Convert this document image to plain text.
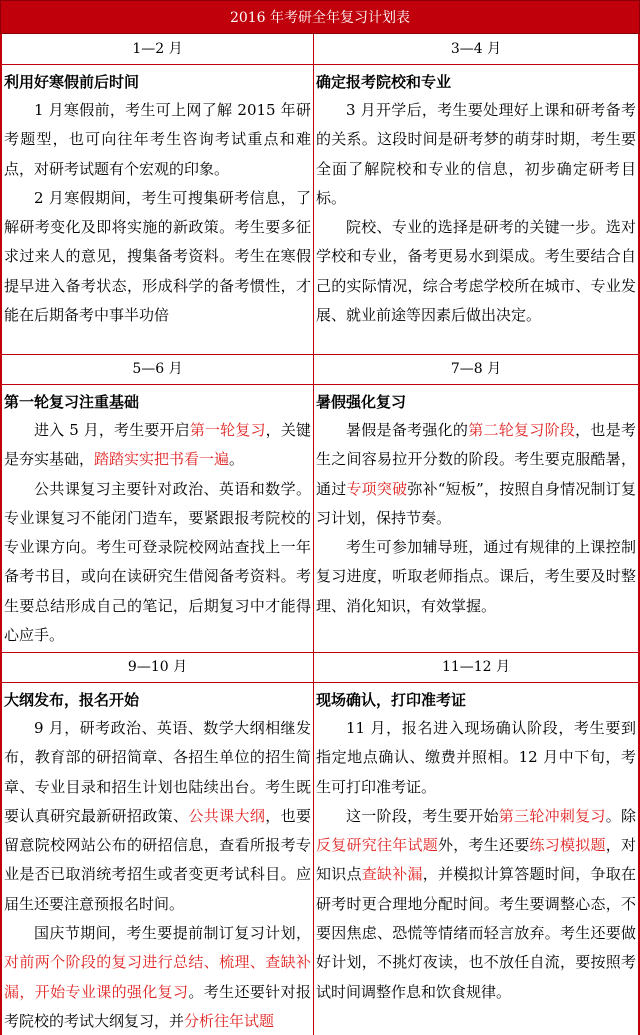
2016 年考研全年复习计划表
1—2 月
利用好寒假前后时间

1 月寒假前，考生可上网了解 2015 年研考题型，也可向往年考生咨询考试重点和难点，对研考试题有个宏观的印象。

2 月寒假期间，考生可搜集研考信息，了解研考变化及即将实施的新政策。考生要多征求过来人的意见，搜集备考资料。考生在寒假提早进入备考状态，形成科学的备考惯性，才能在后期备考中事半功倍

3—4 月
确定报考院校和专业

3 月开学后，考生要处理好上课和研考备考的关系。这段时间是研考梦的萌芽时期，考生要全面了解院校和专业的信息，初步确定研考目标。

院校、专业的选择是研考的关键一步。选对学校和专业，备考更易水到渠成。考生要结合自己的实际情况，综合考虑学校所在城市、专业发展、就业前途等因素后做出决定。

5—6 月
第一轮复习注重基础

进入 5 月，考生要开启第一轮复习，关键是夯实基础，踏踏实实把书看一遍。

公共课复习主要针对政治、英语和数学。专业课复习不能闭门造车，要紧跟报考院校的专业课方向。考生可登录院校网站查找上一年备考书目，或向在读研究生借阅备考资料。考生要总结形成自己的笔记，后期复习中才能得心应手。

7—8 月
暑假强化复习

暑假是备考强化的第二轮复习阶段，也是考生之间容易拉开分数的阶段。考生要克服酷暑，通过专项突破弥补“短板”，按照自身情况制订复习计划，保持节奏。

考生可参加辅导班，通过有规律的上课控制复习进度，听取老师指点。课后，考生要及时整理、消化知识，有效掌握。

9—10 月
大纲发布，报名开始

9 月，研考政治、英语、数学大纲相继发布，教育部的研招简章、各招生单位的招生简章、专业目录和招生计划也陆续出台。考生既要认真研究最新研招政策、公共课大纲，也要留意院校网站公布的研招信息，查看所报考专业是否已取消统考招生或者变更考试科目。应届生还要注意预报名时间。

国庆节期间，考生要提前制订复习计划，对前两个阶段的复习进行总结、梳理、查缺补漏，开始专业课的强化复习。考生还要针对报考院校的考试大纲复习，并分析往年试题

11—12 月
现场确认，打印准考证

11 月，报名进入现场确认阶段，考生要到指定地点确认、缴费并照相。12 月中下旬，考生可打印准考证。

这一阶段，考生要开始第三轮冲刺复习。除反复研究往年试题外，考生还要练习模拟题，对知识点查缺补漏，并模拟计算答题时间，争取在研考时更合理地分配时间。考生要调整心态，不要因焦虑、恐慌等情绪而轻言放弃。考生还要做好计划，不挑灯夜读，也不放任自流，要按照考试时间调整作息和饮食规律。
